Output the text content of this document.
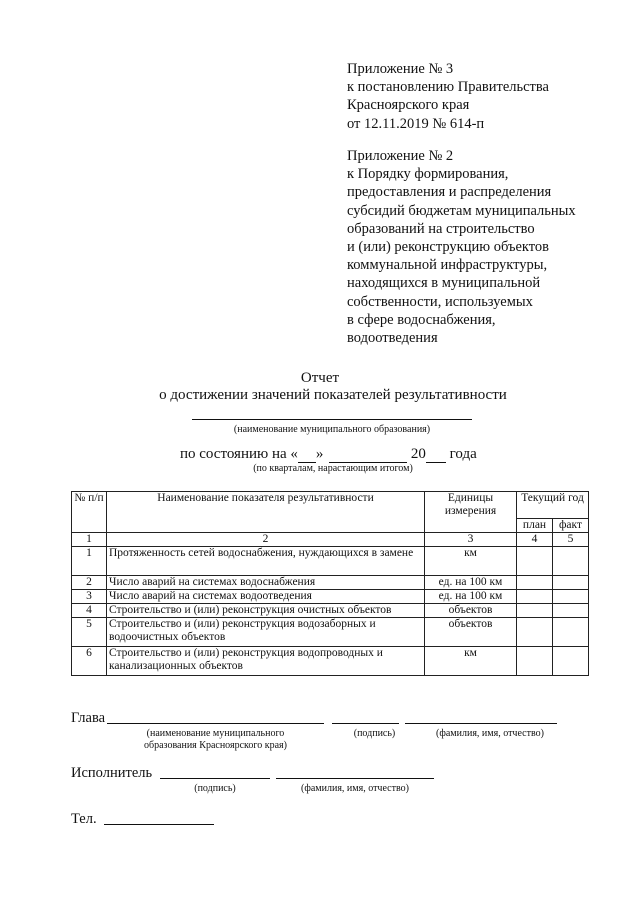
Приложение № 3
к постановлению Правительства
Красноярского края
от 12.11.2019 № 614-п
Приложение № 2
к Порядку формирования,
предоставления и распределения
субсидий бюджетам муниципальных
образований на строительство
и (или) реконструкцию объектов
коммунальной инфраструктуры,
находящихся в муниципальной
собственности, используемых
в сфере водоснабжения,
водоотведения
Отчет
о достижении значений показателей результативности
(наименование муниципального образования)
по состоянию на « »	20 года
(по кварталам, нарастающим итогом)
№ п/п	Наименование показателя результативности	Единицы измерения	Текущий год	
			план	факт
1	2	3	4	5
1	Протяженность сетей водоснабжения, нуждающихся в замене	км		
2	Число аварий на системах водоснабжения	ед. на 100 км		
3	Число аварий на системах водоотведения	ед. на 100 км		
4	Строительство и (или) реконструкция очистных объектов	объектов		
5	Строительство и (или) реконструкция водозаборных и водоочистных объектов	объектов		
6	Строительство и (или) реконструкция водопроводных и канализационных объектов	км		
Глава
(наименование муниципального
образования Красноярского края)
(подпись)	(фамилия, имя, отчество)
Исполнитель
(подпись)	(фамилия, имя, отчество)
Тел.
